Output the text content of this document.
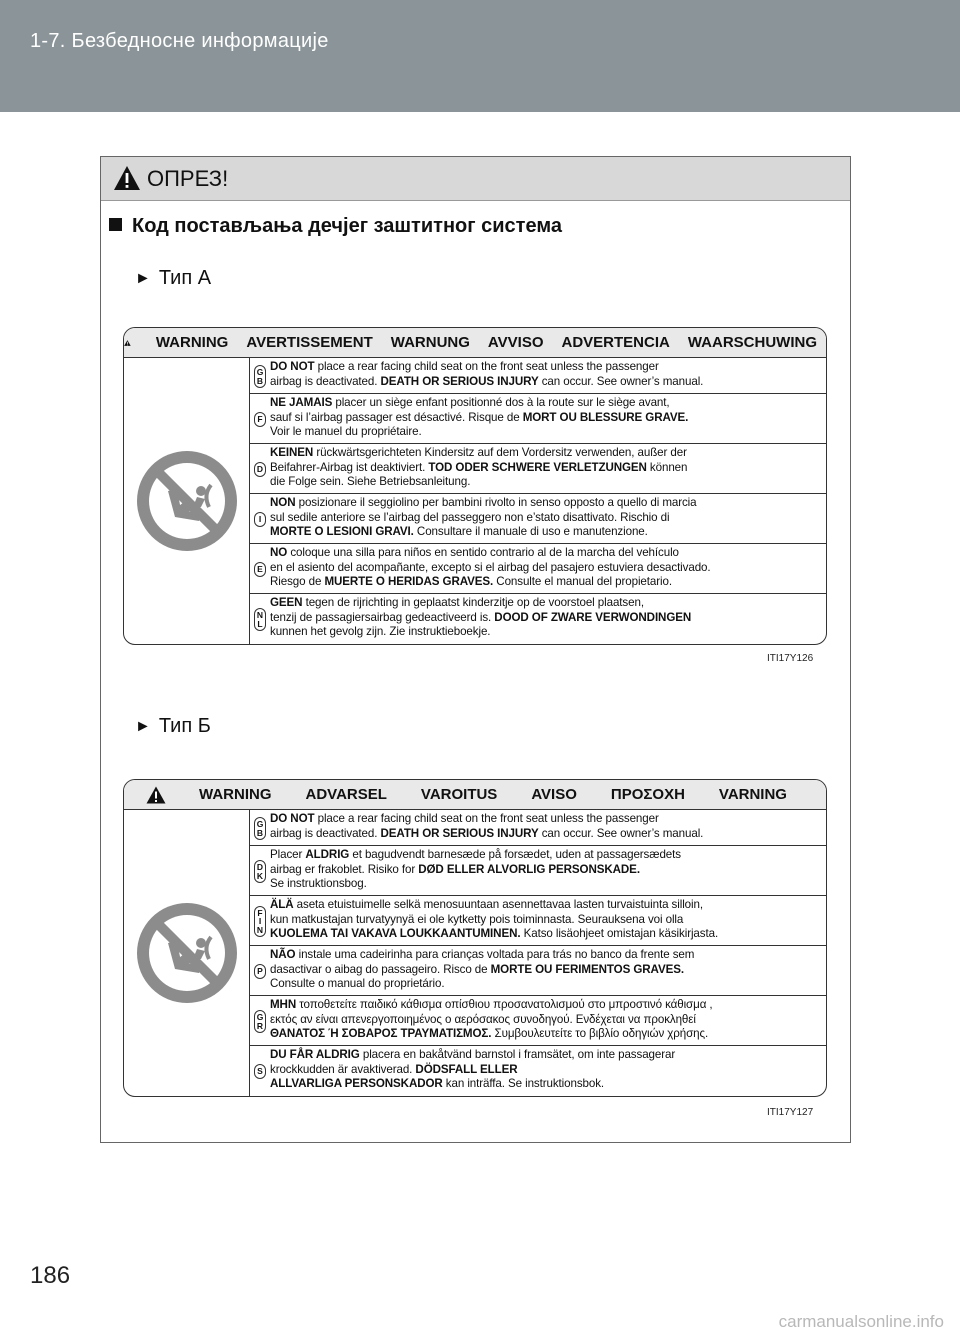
1-7. Безбедносне информације
ОПРЕЗ!
Код постављања дечјег заштитног система
► Тип А
WARNING AVERTISSEMENT WARNUNG AVVISO ADVERTENCIA WAARSCHUWING
G
B
DO NOT place a rear facing child seat on the front seat unless the passenger
airbag is deactivated. DEATH OR SERIOUS INJURY can occur. See owner’s manual.
F
NE JAMAIS placer un siège enfant positionné dos à la route sur le siège avant,
sauf si l’airbag passager est désactivé. Risque de MORT OU BLESSURE GRAVE.
Voir le manuel du propriétaire.
D
KEINEN rückwärtsgerichteten Kindersitz auf dem Vordersitz verwenden, außer der
Beifahrer-Airbag ist deaktiviert. TOD ODER SCHWERE VERLETZUNGEN können
die Folge sein. Siehe Betriebsanleitung.
I
NON posizionare il seggiolino per bambini rivolto in senso opposto a quello di marcia
sul sedile anteriore se l’airbag del passeggero non e’stato disattivato. Rischio di
MORTE O LESIONI GRAVI. Consultare il manuale di uso e manutenzione.
E
NO coloque una silla para niños en sentido contrario al de la marcha del vehículo
en el asiento del acompañante, excepto si el airbag del pasajero estuviera desactivado.
Riesgo de MUERTE O HERIDAS GRAVES. Consulte el manual del propietario.
N
L
GEEN tegen de rijrichting in geplaatst kinderzitje op de voorstoel plaatsen,
tenzij de passagiersairbag gedeactiveerd is. DOOD OF ZWARE VERWONDINGEN
kunnen het gevolg zijn. Zie instruktieboekje.
ITI17Y126
► Тип Б
WARNING ADVARSEL VAROITUS AVISO ΠΡΟΣΟΧΗ VARNING
G
B
DO NOT place a rear facing child seat on the front seat unless the passenger
airbag is deactivated. DEATH OR SERIOUS INJURY can occur. See owner’s manual.
D
K
Placer ALDRIG et bagudvendt barnesæde på forsædet, uden at passagersædets
airbag er frakoblet. Risiko for DØD ELLER ALVORLIG PERSONSKADE.
Se instruktionsbog.
F
I
N
ÄLÄ aseta etuistuimelle selkä menosuuntaan asennettavaa lasten turvaistuinta silloin,
kun matkustajan turvatyynyä ei ole kytketty pois toiminnasta. Seurauksena voi olla
KUOLEMA TAI VAKAVA LOUKKAANTUMINEN. Katso lisäohjeet omistajan käsikirjasta.
P
NÃO instale uma cadeirinha para crianças voltada para trás no banco da frente sem
dasactivar o aibag do passageiro. Risco de MORTE OU FERIMENTOS GRAVES.
Consulte o manual do proprietário.
G
R
MHN τοποθετείτε παιδικό κάθισμα οπίσθιου προσανατολισμού στο μπροστινό κάθισμα ,
εκτός αν είναι απενεργοποιημένος ο αερόσακος συνοδηγού. Ενδέχεται να προκληθεί
ΘΑΝΑΤΟΣ Ή ΣΟΒΑΡΟΣ ΤΡΑΥΜΑΤΙΣΜΟΣ. Συμβουλευτείτε το βιβλίο οδηγιών χρήσης.
S
DU FÅR ALDRIG placera en bakåtvänd barnstol i framsätet, om inte passagerar
krockkudden är avaktiverad. DÖDSFALL ELLER
ALLVARLIGA PERSONSKADOR kan inträffa. Se instruktionsbok.
ITI17Y127
186
carmanualsonline.info
